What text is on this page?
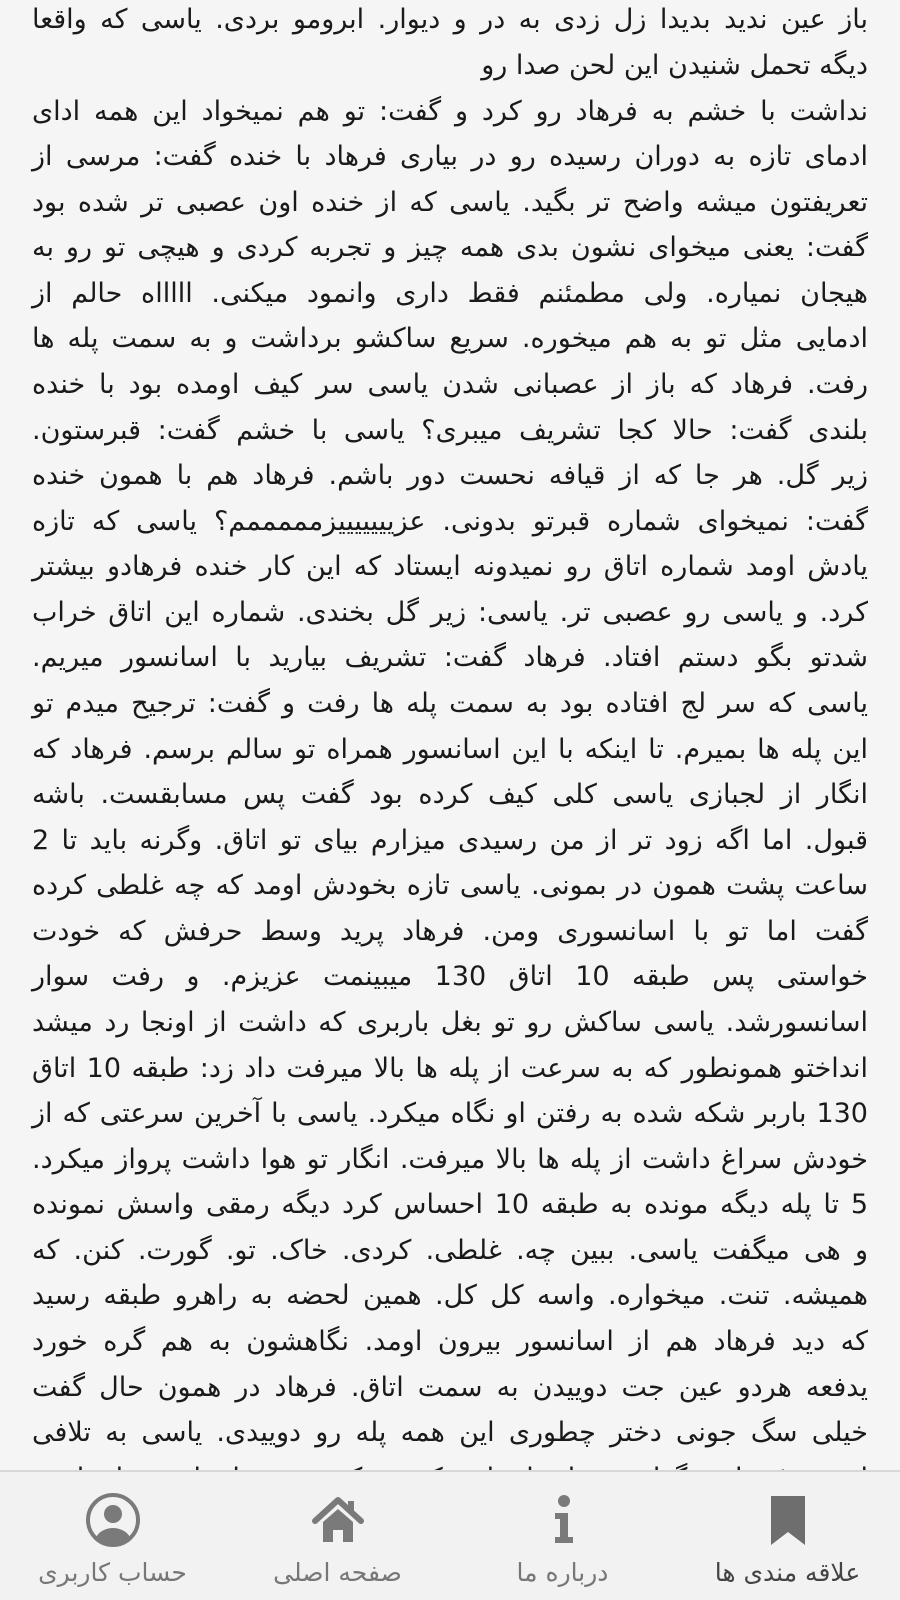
باز عین ندید بدیدا زل زدی به در و دیوار. ابرومو بردی. یاسی که واقعا
دیگه تحمل شنیدن این لحن صدا رو
نداشت با خشم به فرهاد رو کرد و گفت: تو هم نمیخواد این همه ادای
ادمای تازه به دوران رسیده رو در بیاری فرهاد با خنده گفت: مرسی از
تعریفتون میشه واضح تر بگید. یاسی که از خنده اون عصبی تر شده بود
گفت: یعنی میخوای نشون بدی همه چیز و تجربه کردی و هیچی تو رو به
هیجان نمیاره. ولی مطمئنم فقط داری وانمود میکنی. اااااه حالم از
ادمایی مثل تو به هم میخوره. سریع ساکشو برداشت و به سمت پله ها
رفت. فرهاد که باز از عصبانی شدن یاسی سر کیف اومده بود با خنده
بلندی گفت: حالا کجا تشریف میبری؟ یاسی با خشم گفت: قبرستون.
زیر گل. هر جا که از قیافه نحست دور باشم. فرهاد هم با همون خنده
گفت: نمیخوای شماره قبرتو بدونی. عزیییییییزمممممم؟ یاسی که تازه
یادش اومد شماره اتاق رو نمیدونه ایستاد که این کار خنده فرهادو بیشتر
کرد. و یاسی رو عصبی تر. یاسی: زیر گل بخندی. شماره این اتاق خراب
شدتو بگو دستم افتاد. فرهاد گفت: تشریف بیارید با اسانسور میریم.
یاسی که سر لج افتاده بود به سمت پله ها رفت و گفت: ترجیح میدم تو
این پله ها بمیرم. تا اینکه با این اسانسور همراه تو سالم برسم. فرهاد که
انگار از لجبازی یاسی کلی کیف کرده بود گفت پس مسابقست. باشه
قبول. اما اگه زود تر از من رسیدی میزارم بیای تو اتاق. وگرنه باید تا 2
ساعت پشت همون در بمونی. یاسی تازه بخودش اومد که چه غلطی کرده
گفت اما تو با اسانسوری ومن. فرهاد پرید وسط حرفش که خودت
خواستی پس طبقه 10 اتاق 130 میبینمت عزیزم. و رفت سوار
اسانسورشد. یاسی ساکش رو تو بغل باربری که داشت از اونجا رد میشد
انداختو همونطور که به سرعت از پله ها بالا میرفت داد زد: طبقه 10 اتاق
130 باربر شکه شده به رفتن او نگاه میکرد. یاسی با آخرین سرعتی که از
خودش سراغ داشت از پله ها بالا میرفت. انگار تو هوا داشت پرواز میکرد.
5 تا پله دیگه مونده به طبقه 10 احساس کرد دیگه رمقی واسش نمونده
و هی میگفت یاسی. ببین چه. غلطی. کردی. خاک. تو. گورت. کنن. که
همیشه. تنت. میخواره. واسه کل کل. همین لحضه به راهرو طبقه رسید
که دید فرهاد هم از اسانسور بیرون اومد. نگاهشون به هم گره خورد
یدفعه هردو عین جت دوییدن به سمت اتاق. فرهاد در همون حال گفت
خیلی سگ جونی دختر چطوری این همه پله رو دوییدی. یاسی به تلافی
حساب کاربری	صفحه اصلی	درباره ما	علاقه مندی ها
